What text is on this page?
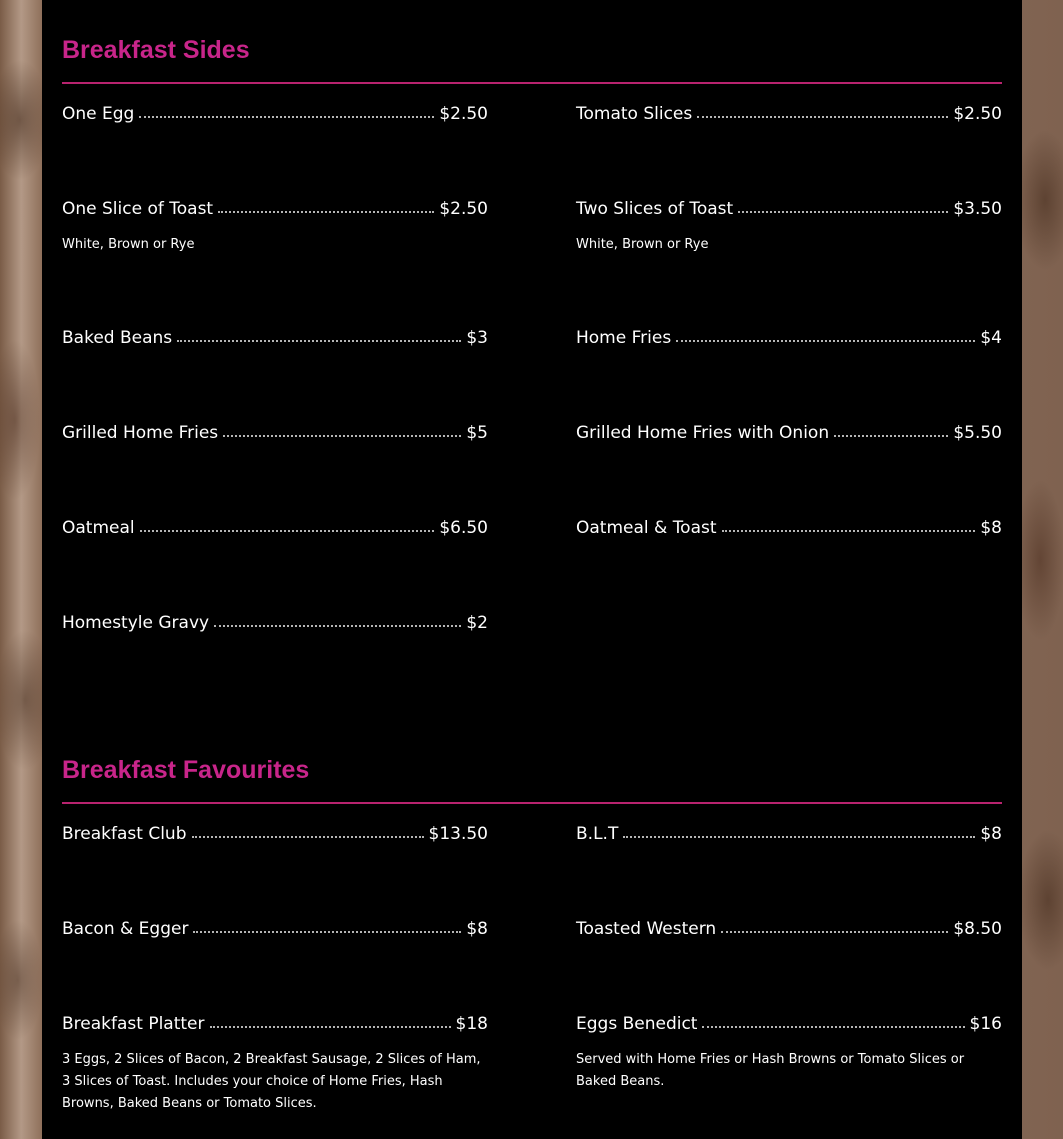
Breakfast Sides
One Egg	$2.50	Tomato Slices	$2.50
One Slice of Toast	$2.50
White, Brown or Rye
Two Slices of Toast	$3.50
White, Brown or Rye
Baked Beans	$3	Home Fries	$4
Grilled Home Fries	$5	Grilled Home Fries with Onion	$5.50
Oatmeal	$6.50	Oatmeal & Toast	$8
Homestyle Gravy	$2
Breakfast Favourites
Breakfast Club	$13.50	B.L.T	$8
Bacon & Egger	$8	Toasted Western	$8.50
Breakfast Platter	$18
3 Eggs, 2 Slices of Bacon, 2 Breakfast Sausage, 2 Slices of Ham, 3 Slices of Toast. Includes your choice of Home Fries, Hash Browns, Baked Beans or Tomato Slices.
Eggs Benedict	$16
Served with Home Fries or Hash Browns or Tomato Slices or Baked Beans.
